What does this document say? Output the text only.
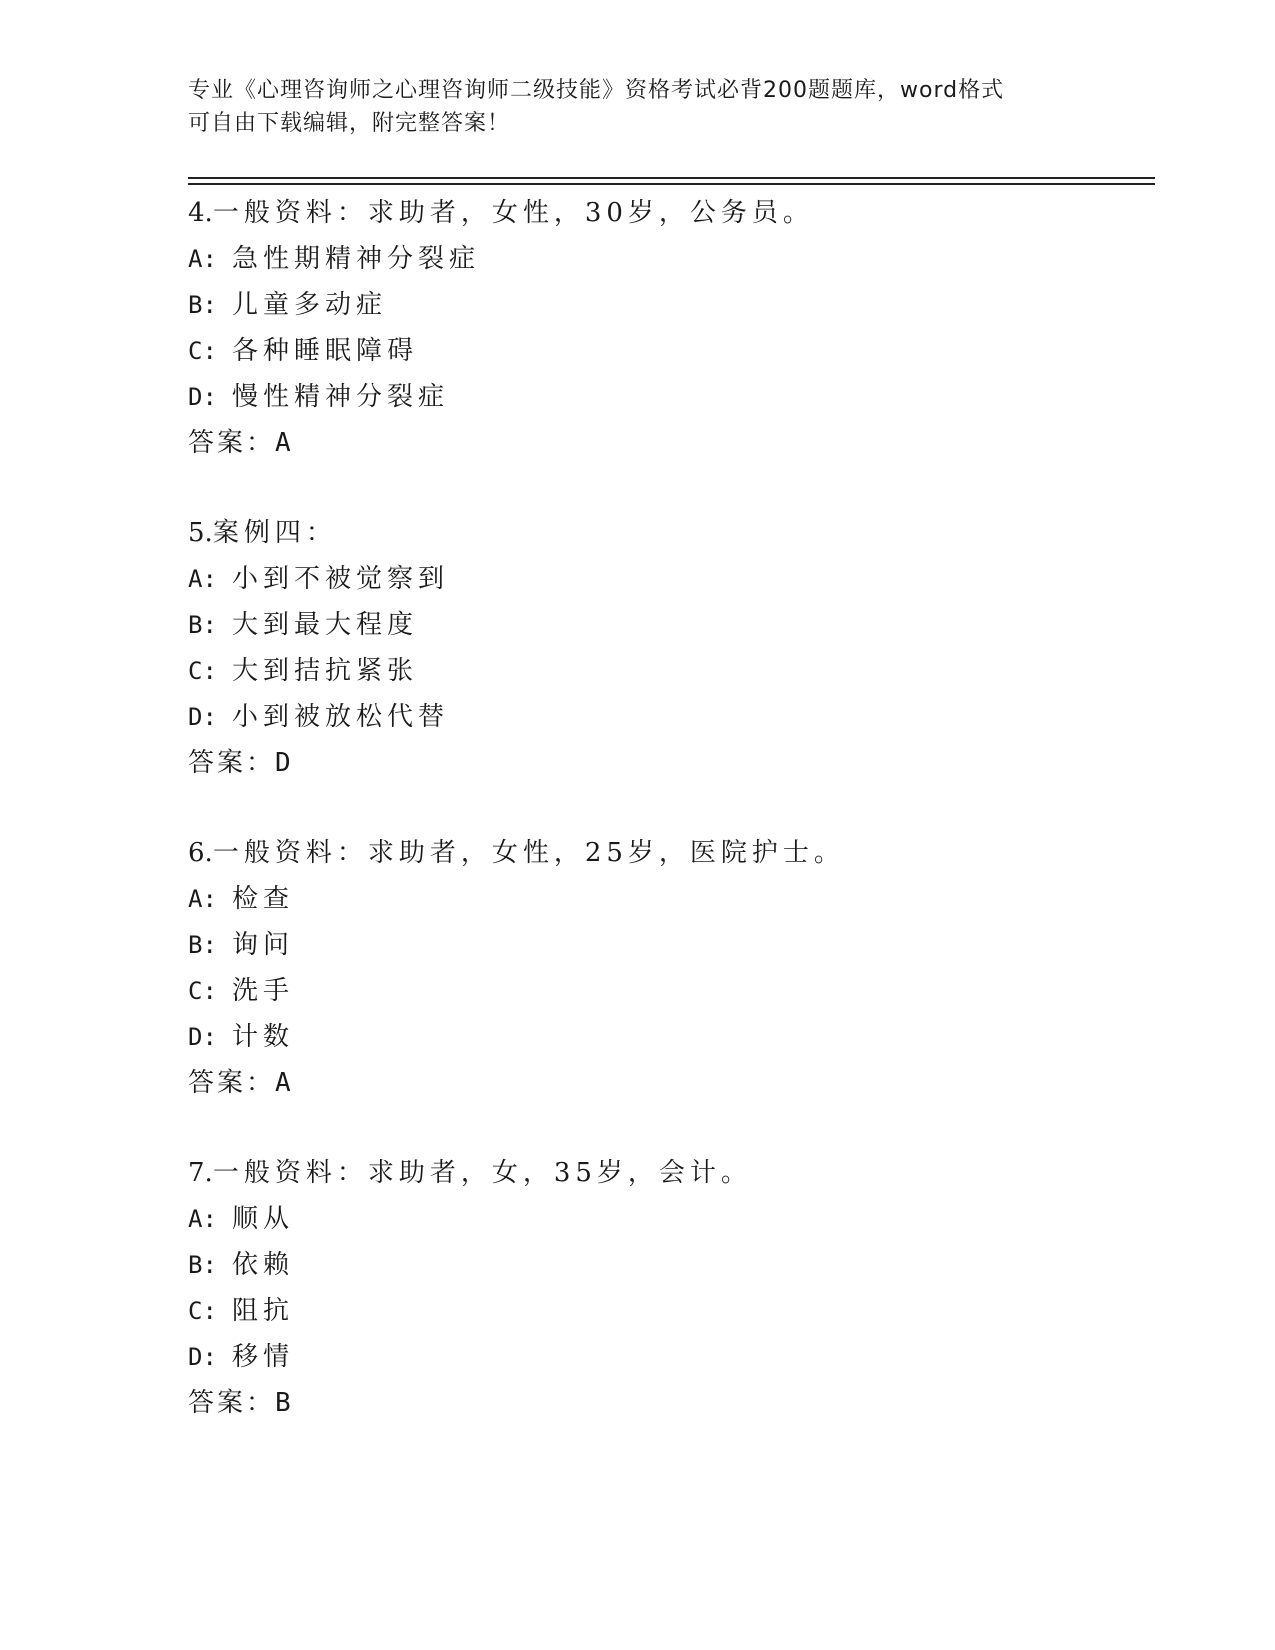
专业《心理咨询师之心理咨询师二级技能》资格考试必背200题题库，word格式
可自由下载编辑，附完整答案！
4.一般资料：求助者，女性，30岁，公务员。
A: 急性期精神分裂症
B: 儿童多动症
C: 各种睡眠障碍
D: 慢性精神分裂症
答案：A
5.案例四：
A: 小到不被觉察到
B: 大到最大程度
C: 大到拮抗紧张
D: 小到被放松代替
答案：D
6.一般资料：求助者，女性，25岁，医院护士。
A: 检查
B: 询问
C: 洗手
D: 计数
答案：A
7.一般资料：求助者，女，35岁，会计。
A: 顺从
B: 依赖
C: 阻抗
D: 移情
答案：B
